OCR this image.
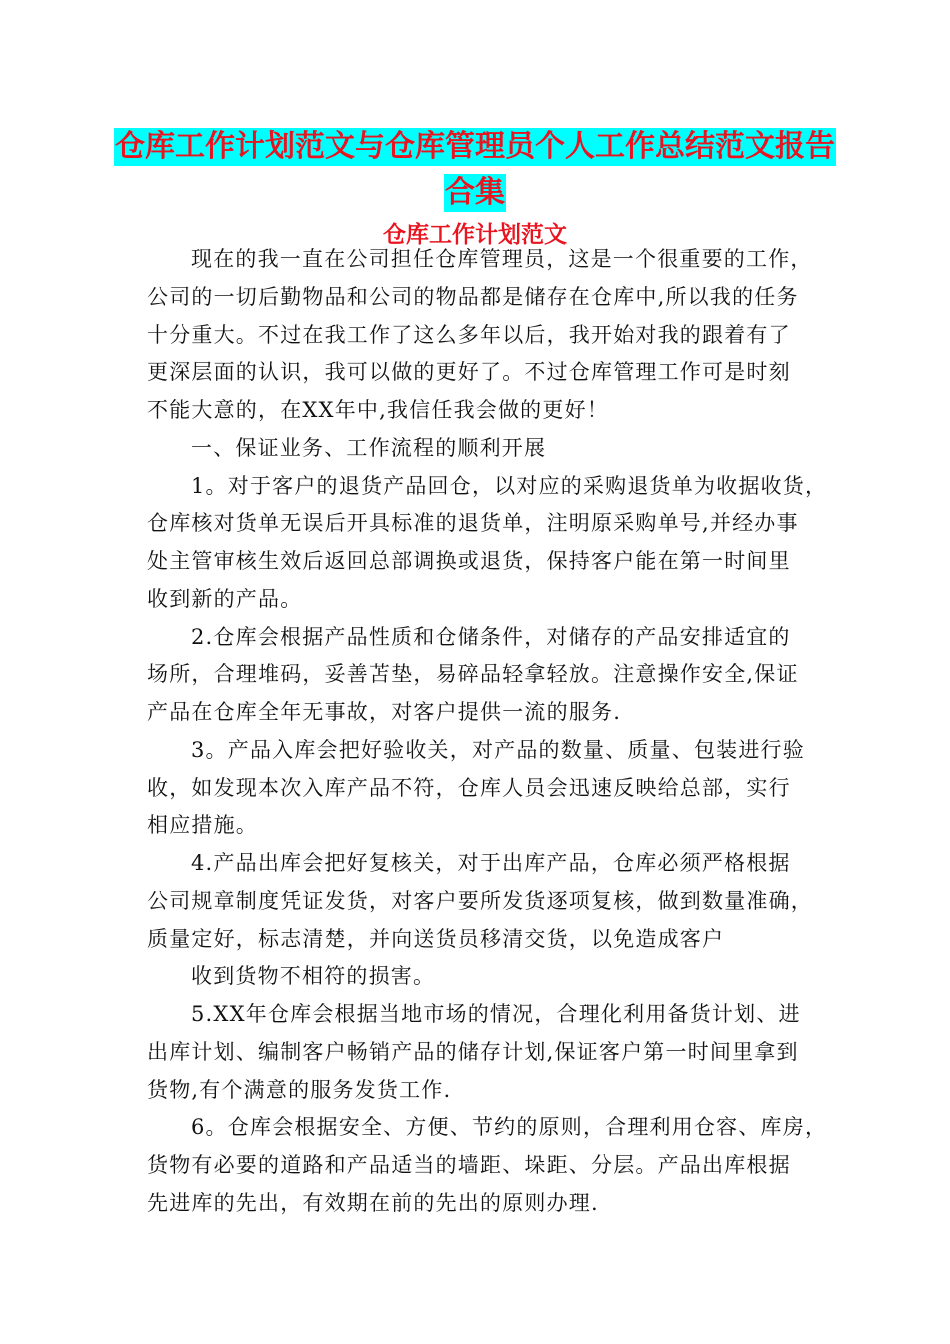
仓库工作计划范文与仓库管理员个人工作总结范文报告
合集
仓库工作计划范文
现在的我一直在公司担任仓库管理员，这是一个很重要的工作，
公司的一切后勤物品和公司的物品都是储存在仓库中,所以我的任务
十分重大。不过在我工作了这么多年以后，我开始对我的跟着有了
更深层面的认识，我可以做的更好了。不过仓库管理工作可是时刻
不能大意的，在XX年中,我信任我会做的更好！
一、保证业务、工作流程的顺利开展
1。对于客户的退货产品回仓，以对应的采购退货单为收据收货，
仓库核对货单无误后开具标准的退货单，注明原采购单号,并经办事
处主管审核生效后返回总部调换或退货，保持客户能在第一时间里
收到新的产品。
2.仓库会根据产品性质和仓储条件，对储存的产品安排适宜的
场所，合理堆码，妥善苫垫，易碎品轻拿轻放。注意操作安全,保证
产品在仓库全年无事故，对客户提供一流的服务.
3。产品入库会把好验收关，对产品的数量、质量、包装进行验
收，如发现本次入库产品不符，仓库人员会迅速反映给总部，实行
相应措施。
4.产品出库会把好复核关，对于出库产品，仓库必须严格根据
公司规章制度凭证发货，对客户要所发货逐项复核，做到数量准确，
质量定好，标志清楚，并向送货员移清交货，以免造成客户
收到货物不相符的损害。
5.XX年仓库会根据当地市场的情况，合理化利用备货计划、进
出库计划、编制客户畅销产品的储存计划,保证客户第一时间里拿到
货物,有个满意的服务发货工作.
6。仓库会根据安全、方便、节约的原则，合理利用仓容、库房，
货物有必要的道路和产品适当的墙距、垛距、分层。产品出库根据
先进库的先出，有效期在前的先出的原则办理.
